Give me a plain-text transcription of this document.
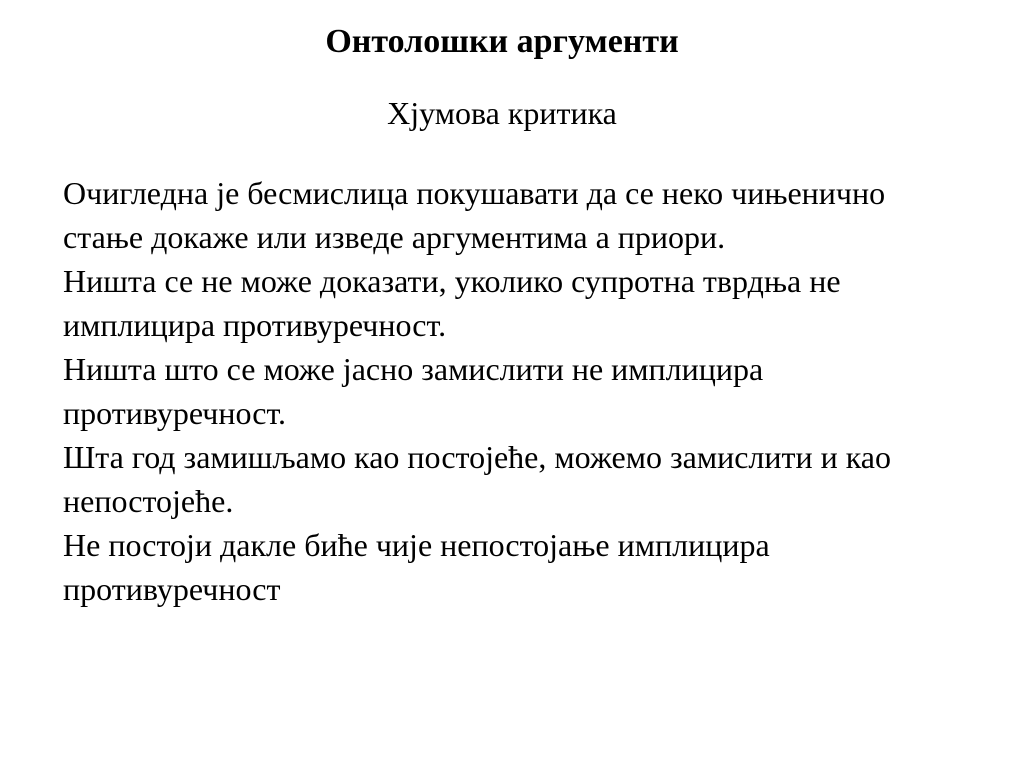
Онтолошки аргументи
Хјумова критика

Очигледна је бесмислица покушавати да се неко чињенично стање докаже или изведе аргументима а приори.

Ништа се не може доказати, уколико супротна тврдња не имплицира противуречност.

Ништа што се може јасно замислити не имплицира противуречност.

Шта год замишљамо као постојеће, можемо замислити и као непостојеће.

Не постоји дакле биће чије непостојање имплицира противуречност
